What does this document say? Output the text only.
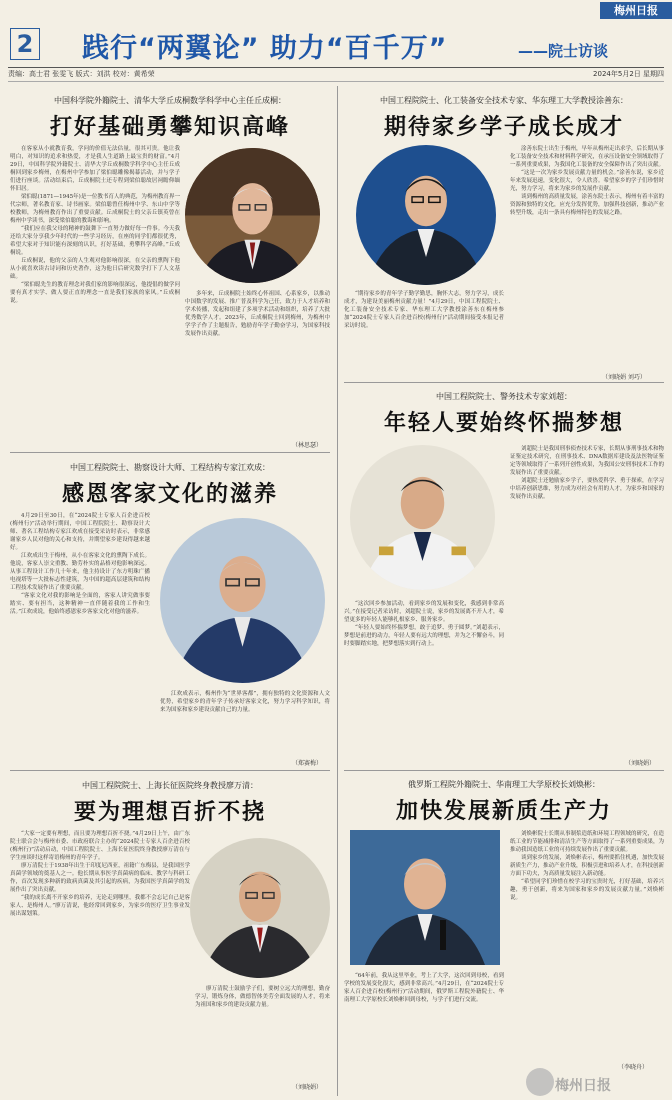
2 践行“两翼论” 助力“百千万”	——院士访谈
梅州日报
责编：高士君 张雯飞 版式：刘洪 校对：黄希荣	2024年5月2日 星期四
中国科学院外籍院士、清华大学丘成桐数学科学中心主任丘成桐：
打好基础勇攀知识高峰

在客家从小就教育我，学问的价值无法估量，很其可贵。他让我明白，对知识的追求和热爱，才是我人生道路上最宝贵的财富。”4月29日，中国科学院外籍院士、清华大学丘成桐数学科学中心主任丘成桐回到家乡梅州，在梅州中学参加了梁伯聪雕像揭幕活动，并与学子们进行座谈。活动结束后，丘成桐院士还专程到梁伯聪故居祠瞻仰缅怀旧居。

梁伯聪(1871—1945年)是一位教书育人的典范，为梅州教育界一代宗师，著名教育家、诗书画家。梁伯聪曾任梅州中学、东山中学等校教师，为梅州教育作出了重要贡献。丘成桐院士的父亲丘镇英曾在梅州中学读书，深受梁伯聪的教诲和影响。

“我们应在我父母的精神的鼓舞下一直努力做好每一件事。今天我还给大家分享我少年时代的一些学习经历，在座的同学们都很优秀，希望大家对于知识能有深刻的认识，打好基础，勇攀科学高峰。”丘成桐说。

丘成桐说，他的父亲的人生观对他影响很深，在父亲的熏陶下他从小就喜欢读古诗词和历史著作，这为他日后研究数学打下了人文基础。

“梁伯聪先生的教育理念对我们家的影响很深远，他提倡的做学问要有真才实学、做人要正直的理念一直是我们家族的家风。”丘成桐说。

多年来，丘成桐院士始终心怀祖国、心系家乡，以推动中国数学的发展、推广普及科学为己任，致力于人才培养和学术传播，发起和组建了多项学术活动和组织，培养了大批优秀数学人才。2023年，丘成桐院士回到梅州，为梅州中学学子作了主题报告，勉励青年学子勤奋学习，为国家科技发展作出贡献。

（林思瑟）
中国工程院院士、勘察设计大师、工程结构专家江欢成：
感恩客家文化的滋养

4月29日至30日，在“2024院士专家人百企进百校(梅州行)”活动举行期间，中国工程院院士、勘察设计大师、著名工程结构专家江欢成在接受采访时表示，非常感谢家乡人民对他的关心和支持，并期望家乡建设得越来越好。

江欢成出生于梅州，从小在客家文化的熏陶下成长。他说，客家人崇文重教、勤劳朴实的品格对他影响深远。从事工程设计工作几十年来，他主持设计了东方明珠广播电视塔等一大批标志性建筑，为中国的超高层建筑和结构工程技术发展作出了重要贡献。

“客家文化对我的影响是全面的，客家人讲究做事要踏实、要有担当，这种精神一直伴随着我的工作和生活。”江欢成说，他始终感恩家乡客家文化对他的滋养。

江欢成表示，梅州作为“世界客都”，拥有独特的文化资源和人文优势，希望家乡的青年学子传承好客家文化，努力学习科学知识，将来为国家和家乡建设贡献自己的力量。

（郑赛梅）
中国工程院院士、上海长征医院终身教授廖万清：
要为理想百折不挠

“大家一定要有理想，而且要为理想百折不挠。”4月29日上午，由广东院士联合会与梅州市委、市政府联合主办的“2024院士专家人百企进百校(梅州行)”活动启动，中国工程院院士、上海长征医院终身教授廖万清在与学生座谈时这样寄语梅州的青年学子。

廖万清院士于1938年出生于印度尼西亚，祖籍广东梅县，是我国医学真菌学领域的奠基人之一。他长期从事医学真菌病的临床、教学与科研工作，首次发现多种新的致病真菌及其引起的疾病，为我国医学真菌学的发展作出了突出贡献。

“我的成长离不开家乡的培养，无论走到哪里，我都不会忘记自己是客家人、是梅州人。”廖万清说，他经常回到家乡，为家乡的医疗卫生事业发展出谋划策。

廖万清院士鼓励学子们，要树立远大的理想，勤奋学习，锻炼身体，做德智体美劳全面发展的人才，将来为祖国和家乡的建设贡献力量。

（刘晓娟）
中国工程院院士、化工装备安全技术专家、华东理工大学教授涂善东：
期待家乡学子成长成才

“期待家乡的青年学子勤学勤思，胸怀大志，努力学习，成长成才，为建设美丽梅州贡献力量！”4月29日，中国工程院院士、化工装备安全技术专家、华东理工大学教授涂善东在梅州参加“2024院士专家人百企进百校(梅州行)”活动期间接受本报记者采访时说。

涂善东院士出生于梅州，早年从梅州走出求学，后长期从事化工装备安全技术和材料科学研究，在承压设备安全领域取得了一系列重要成果，为我国化工装备的安全保障作出了突出贡献。

“这是一次为家乡发展贡献力量的机会。”涂善东说，家乡近年来发展迅速，变化很大，令人欣喜。希望家乡的学子们珍惜时光，努力学习，将来为家乡的发展作贡献。

谈到梅州的高质量发展，涂善东院士表示，梅州有着丰富的资源和独特的文化，应充分发挥优势，加强科技创新，推动产业转型升级，走出一条具有梅州特色的发展之路。

（刘晓娟 刘巧）
中国工程院院士、警务技术专家刘超：
年轻人要始终怀揣梦想

“这次回乡参加活动，看到家乡的发展和变化，我感到非常高兴。”在接受记者采访时，刘超院士说，家乡的发展离不开人才，希望更多的年轻人能够扎根家乡、服务家乡。

“年轻人要始终怀揣梦想，敢于追梦、勇于圆梦。”刘超表示，梦想是前进的动力，年轻人要有远大的理想，并为之不懈奋斗，同时要脚踏实地，把梦想落实到行动上。

刘超院士是我国刑事侦查技术专家，长期从事刑事技术和物证鉴定技术研究，在刑事技术、DNA数据库建设及法医物证鉴定等领域取得了一系列开创性成果，为我国公安刑事技术工作的发展作出了重要贡献。

刘超院士还勉励家乡学子，要热爱科学、勇于探索，在学习中培养创新思维，努力成为对社会有用的人才，为家乡和国家的发展作出贡献。

（刘晓娟）
俄罗斯工程院外籍院士、华南理工大学原校长刘焕彬：
加快发展新质生产力

“64年前，我从这里毕业，考上了大学，这次回到母校，看到学校的发展变化很大，感到非常高兴。”4月29日，在“2024院士专家人百企进百校(梅州行)”活动期间，俄罗斯工程院外籍院士、华南理工大学原校长刘焕彬回到母校，与学子们进行交流。

刘焕彬院士长期从事制浆造纸和环境工程领域的研究，在造纸工业的节能减排和清洁生产等方面取得了一系列重要成果，为推动我国造纸工业的可持续发展作出了重要贡献。

谈到家乡的发展，刘焕彬表示，梅州要抓住机遇，加快发展新质生产力，推动产业升级，积极引进和培养人才，在科技创新方面下功夫，为高质量发展注入新动能。

“希望同学们珍惜在校学习的宝贵时光，打好基础，培养兴趣，勇于创新，将来为国家和家乡的发展贡献力量。”刘焕彬说。

（李晓舟）
梅州日报
